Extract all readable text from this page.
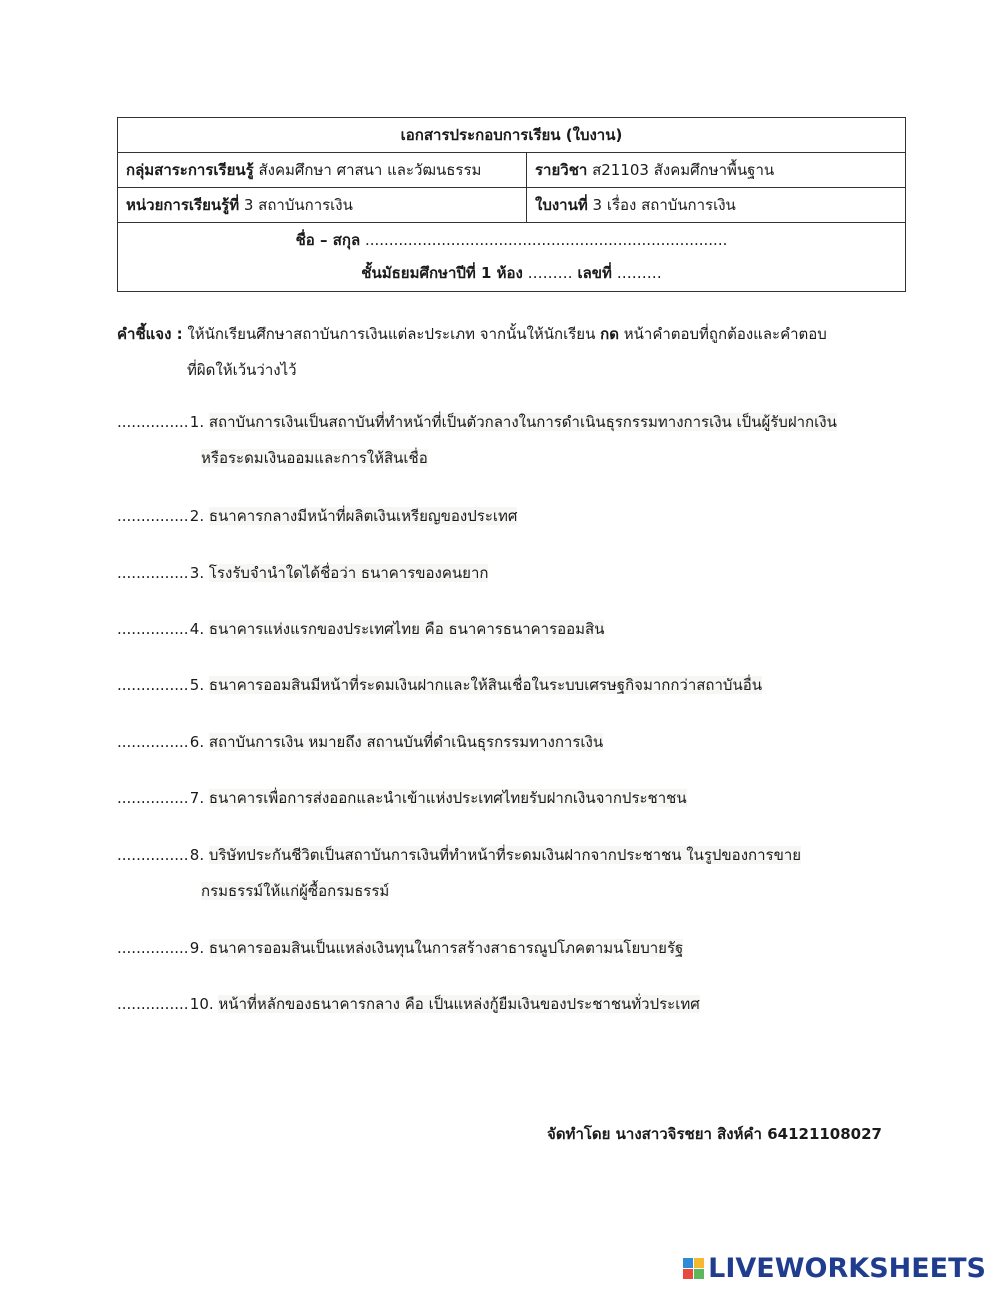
เอกสารประกอบการเรียน (ใบงาน)	
กลุ่มสาระการเรียนรู้ สังคมศึกษา ศาสนา และวัฒนธรรม	รายวิชา ส21103 สังคมศึกษาพื้นฐาน
หน่วยการเรียนรู้ที่ 3 สถาบันการเงิน	ใบงานที่ 3 เรื่อง สถาบันการเงิน

ชื่อ – สกุล ............................................................................
ชั้นมัธยมศึกษาปีที่ 1 ห้อง ……… เลขที่ ………	
คำชี้แจง : ให้นักเรียนศึกษาสถาบันการเงินแต่ละประเภท จากนั้นให้นักเรียน กด หน้าคำตอบที่ถูกต้องและคำตอบ
ที่ผิดให้เว้นว่างไว้
............... 1. สถาบันการเงินเป็นสถาบันที่ทำหน้าที่เป็นตัวกลางในการดำเนินธุรกรรมทางการเงิน เป็นผู้รับฝากเงิน
หรือระดมเงินออมและการให้สินเชื่อ
............... 2. ธนาคารกลางมีหน้าที่ผลิตเงินเหรียญของประเทศ
............... 3. โรงรับจำนำใดได้ชื่อว่า ธนาคารของคนยาก
............... 4. ธนาคารแห่งแรกของประเทศไทย คือ ธนาคารธนาคารออมสิน
............... 5. ธนาคารออมสินมีหน้าที่ระดมเงินฝากและให้สินเชื่อในระบบเศรษฐกิจมากกว่าสถาบันอื่น
............... 6. สถาบันการเงิน หมายถึง สถานบันที่ดำเนินธุรกรรมทางการเงิน
............... 7. ธนาคารเพื่อการส่งออกและนำเข้าแห่งประเทศไทยรับฝากเงินจากประชาชน
............... 8. บริษัทประกันชีวิตเป็นสถาบันการเงินที่ทำหน้าที่ระดมเงินฝากจากประชาชน ในรูปของการขาย
กรมธรรม์ให้แก่ผู้ซื้อกรมธรรม์
............... 9. ธนาคารออมสินเป็นแหล่งเงินทุนในการสร้างสาธารณูปโภคตามนโยบายรัฐ
............... 10. หน้าที่หลักของธนาคารกลาง คือ เป็นแหล่งกู้ยืมเงินของประชาชนทั่วประเทศ
จัดทำโดย นางสาวจิรชยา สิงห์คำ 64121108027
LIVEWORKSHEETS
